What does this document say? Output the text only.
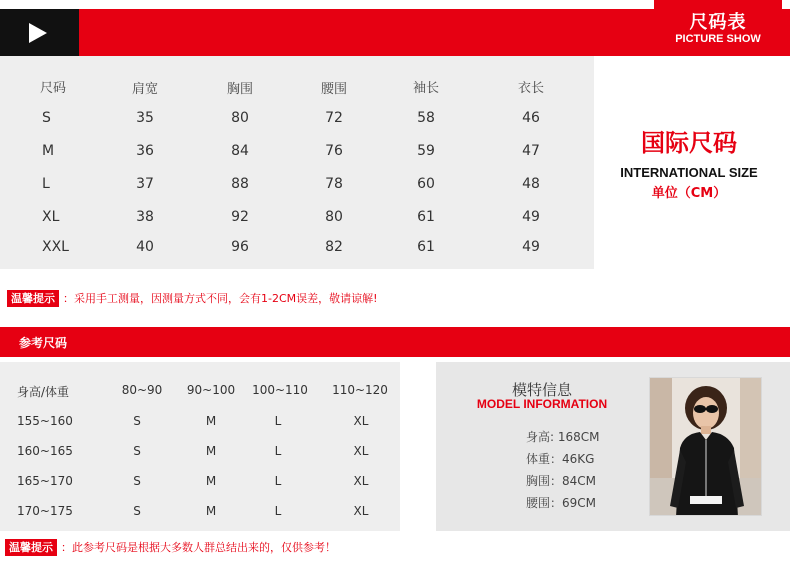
尺码表
PICTURE SHOW
尺码	肩宽	胸围	腰围	袖长	衣长
S	35	80	72	58	46
M	36	84	76	59	47
L	37	88	78	60	48
XL	38	92	80	61	49
XXL	40	96	82	61	49
国际尺码
INTERNATIONAL SIZE
单位（CM）
温馨提示 ：采用手工测量，因测量方式不同，会有1-2CM误差，敬请谅解!
参考尺码
身高/体重	80~90	90~100	100~110	110~120
155~160	S	M	L	XL
160~165	S	M	L	XL
165~170	S	M	L	XL
170~175	S	M	L	XL
模特信息
MODEL INFORMATION
身高: 168CM
体重：46KG
胸围：84CM
腰围：69CM
温馨提示 ：此参考尺码是根据大多数人群总结出来的，仅供参考！
